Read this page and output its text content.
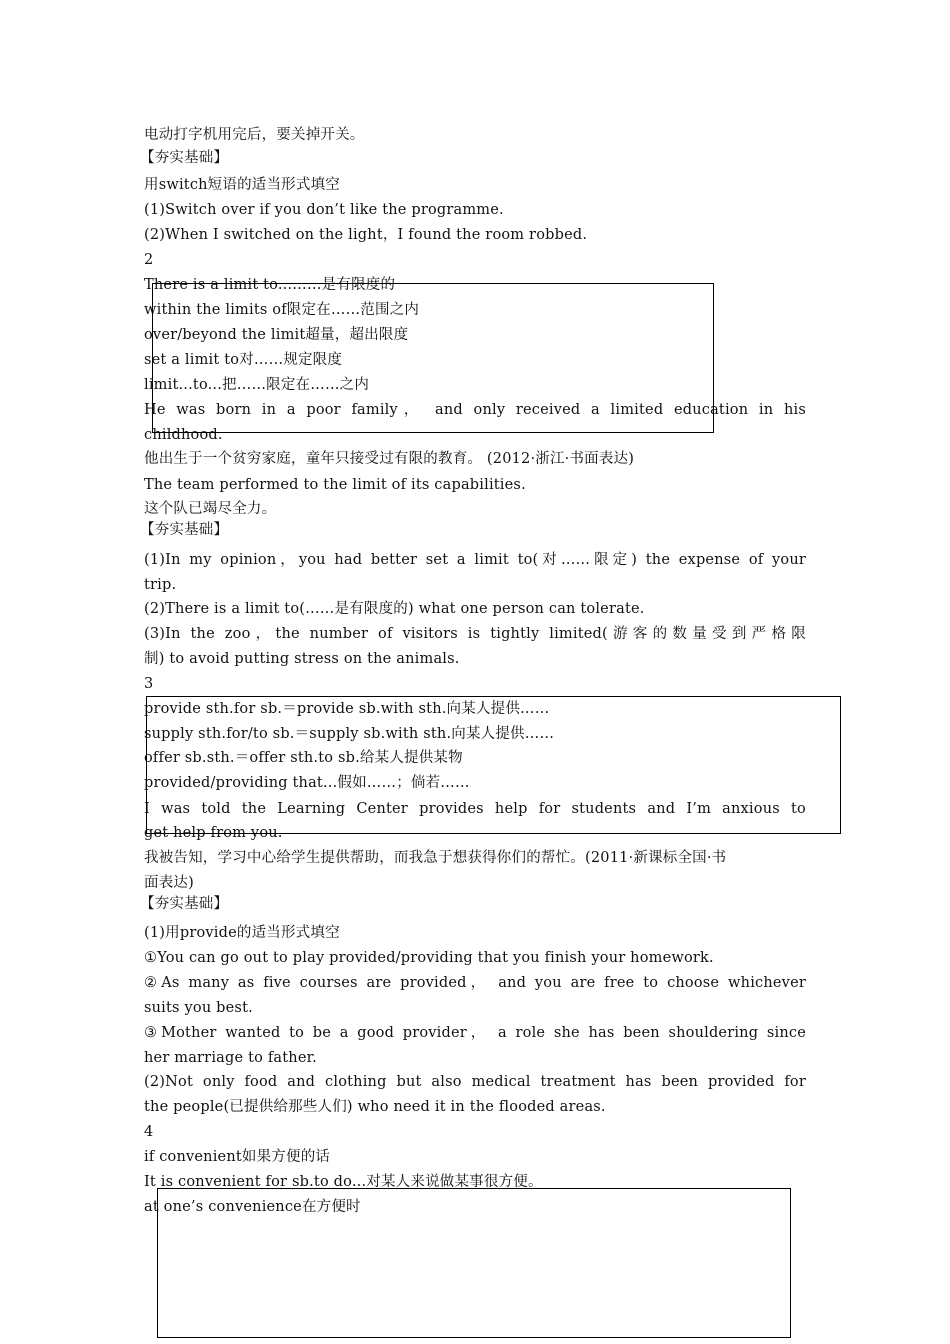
电动打字机用完后，要关掉开关。
【夯实基础】
用switch短语的适当形式填空
(1)Switch over if you don’t like the programme.
(2)When I switched on the light，I found the room robbed.
2
There is a limit to...……是有限度的
within the limits of限定在……范围之内
over/beyond the limit超量，超出限度
set a limit to对……规定限度
limit...to...把……限定在……之内
He was born in a poor family， and only received a limited education in his
childhood.
他出生于一个贫穷家庭，童年只接受过有限的教育。 (2012·浙江·书面表达)
The team performed to the limit of its capabilities.
这个队已竭尽全力。
【夯实基础】
(1)In my opinion，you had better set a limit to(对……限定) the expense of your
trip.
(2)There is a limit to(……是有限度的) what one person can tolerate.
(3)In the zoo，the number of visitors is tightly limited(游客的数量受到严格限
制) to avoid putting stress on the animals.
3
provide sth.for sb.＝provide sb.with sth.向某人提供……
supply sth.for/to sb.＝supply sb.with sth.向某人提供……
offer sb.sth.＝offer sth.to sb.给某人提供某物
provided/providing that...假如……；倘若……
I was told the Learning Center provides help for students and I’m anxious to
get help from you.
我被告知，学习中心给学生提供帮助，而我急于想获得你们的帮忙。(2011·新课标全国·书
面表达)
【夯实基础】
(1)用provide的适当形式填空
①You can go out to play provided/providing that you finish your homework.
②As many as five courses are provided， and you are free to choose whichever
suits you best.
③Mother wanted to be a good provider， a role she has been shouldering since
her marriage to father.
(2)Not only food and clothing but also medical treatment has been provided for
the people(已提供给那些人们) who need it in the flooded areas.
4
if convenient如果方便的话
It is convenient for sb.to do...对某人来说做某事很方便。
at one’s convenience在方便时
